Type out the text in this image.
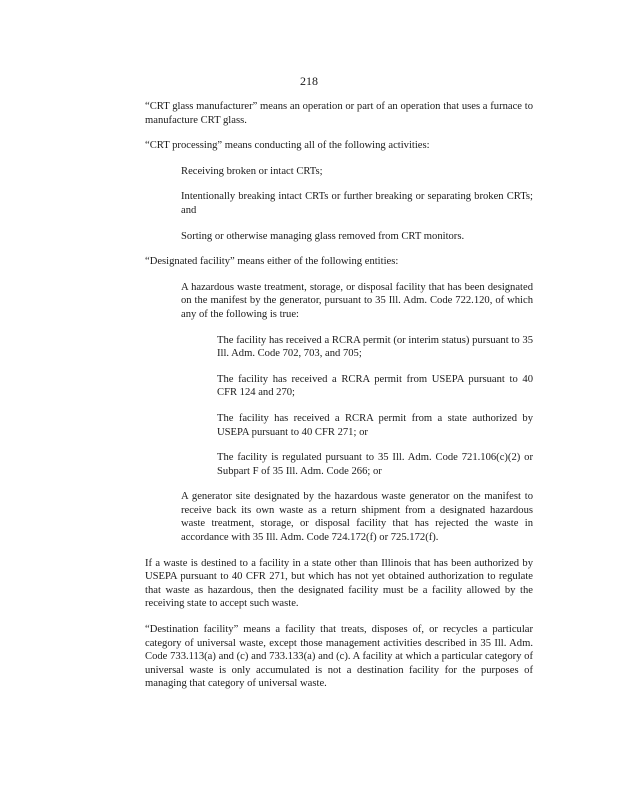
218

“CRT glass manufacturer” means an operation or part of an operation that uses a furnace to manufacture CRT glass.

“CRT processing” means conducting all of the following activities:

Receiving broken or intact CRTs;

Intentionally breaking intact CRTs or further breaking or separating broken CRTs; and

Sorting or otherwise managing glass removed from CRT monitors.

“Designated facility” means either of the following entities:

A hazardous waste treatment, storage, or disposal facility that has been designated on the manifest by the generator, pursuant to 35 Ill. Adm. Code 722.120, of which any of the following is true:

The facility has received a RCRA permit (or interim status) pursuant to 35 Ill. Adm. Code 702, 703, and 705;

The facility has received a RCRA permit from USEPA pursuant to 40 CFR 124 and 270;

The facility has received a RCRA permit from a state authorized by USEPA pursuant to 40 CFR 271; or

The facility is regulated pursuant to 35 Ill. Adm. Code 721.106(c)(2) or Subpart F of 35 Ill. Adm. Code 266; or

A generator site designated by the hazardous waste generator on the manifest to receive back its own waste as a return shipment from a designated hazardous waste treatment, storage, or disposal facility that has rejected the waste in accordance with 35 Ill. Adm. Code 724.172(f) or 725.172(f).

If a waste is destined to a facility in a state other than Illinois that has been authorized by USEPA pursuant to 40 CFR 271, but which has not yet obtained authorization to regulate that waste as hazardous, then the designated facility must be a facility allowed by the receiving state to accept such waste.

“Destination facility” means a facility that treats, disposes of, or recycles a particular category of universal waste, except those management activities described in 35 Ill. Adm. Code 733.113(a) and (c) and 733.133(a) and (c). A facility at which a particular category of universal waste is only accumulated is not a destination facility for the purposes of managing that category of universal waste.
